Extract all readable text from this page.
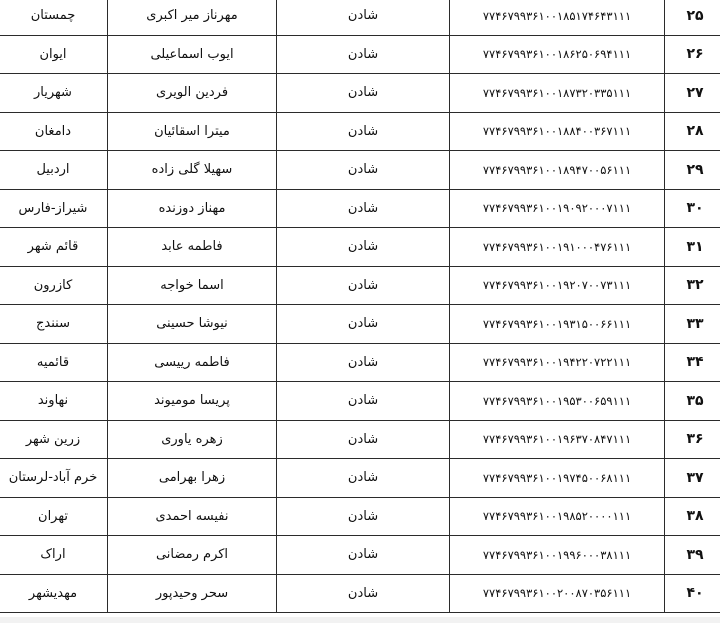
چمستان	مهرناز میر اکبری	شادن	۷۷۴۶۷۹۹۳۶۱۰۰۱۸۵۱۷۴۶۴۳۱۱۱	۲۵	
ایوان	ایوب اسماعیلی	شادن	۷۷۴۶۷۹۹۳۶۱۰۰۱۸۶۲۵۰۶۹۴۱۱۱	۲۶	
شهریار	فردین الویری	شادن	۷۷۴۶۷۹۹۳۶۱۰۰۱۸۷۳۲۰۳۳۵۱۱۱	۲۷	
دامغان	میترا اسقائیان	شادن	۷۷۴۶۷۹۹۳۶۱۰۰۱۸۸۴۰۰۳۶۷۱۱۱	۲۸	
اردبیل	سهیلا گلی زاده	شادن	۷۷۴۶۷۹۹۳۶۱۰۰۱۸۹۴۷۰۰۵۶۱۱۱	۲۹	
شیراز-فارس	مهناز دوزنده	شادن	۷۷۴۶۷۹۹۳۶۱۰۰۱۹۰۹۲۰۰۰۷۱۱۱	۳۰	
قائم شهر	فاطمه عابد	شادن	۷۷۴۶۷۹۹۳۶۱۰۰۱۹۱۰۰۰۴۷۶۱۱۱	۳۱	
کازرون	اسما خواجه	شادن	۷۷۴۶۷۹۹۳۶۱۰۰۱۹۲۰۷۰۰۷۳۱۱۱	۳۲	
سنندج	نیوشا حسینی	شادن	۷۷۴۶۷۹۹۳۶۱۰۰۱۹۳۱۵۰۰۶۶۱۱۱	۳۳	
قائمیه	فاطمه رییسی	شادن	۷۷۴۶۷۹۹۳۶۱۰۰۱۹۴۲۲۰۷۲۲۱۱۱	۳۴	
نهاوند	پریسا مومیوند	شادن	۷۷۴۶۷۹۹۳۶۱۰۰۱۹۵۳۰۰۶۵۹۱۱۱	۳۵	
زرین شهر	زهره یاوری	شادن	۷۷۴۶۷۹۹۳۶۱۰۰۱۹۶۳۷۰۸۴۷۱۱۱	۳۶	
خرم آباد-لرستان	زهرا بهرامی	شادن	۷۷۴۶۷۹۹۳۶۱۰۰۱۹۷۴۵۰۰۶۸۱۱۱	۳۷	
تهران	نفیسه احمدی	شادن	۷۷۴۶۷۹۹۳۶۱۰۰۱۹۸۵۲۰۰۰۰۱۱۱	۳۸	
اراک	اکرم رمضانی	شادن	۷۷۴۶۷۹۹۳۶۱۰۰۱۹۹۶۰۰۰۳۸۱۱۱	۳۹	
مهدیشهر	سحر وحیدپور	شادن	۷۷۴۶۷۹۹۳۶۱۰۰۲۰۰۸۷۰۳۵۶۱۱۱	۴۰	
